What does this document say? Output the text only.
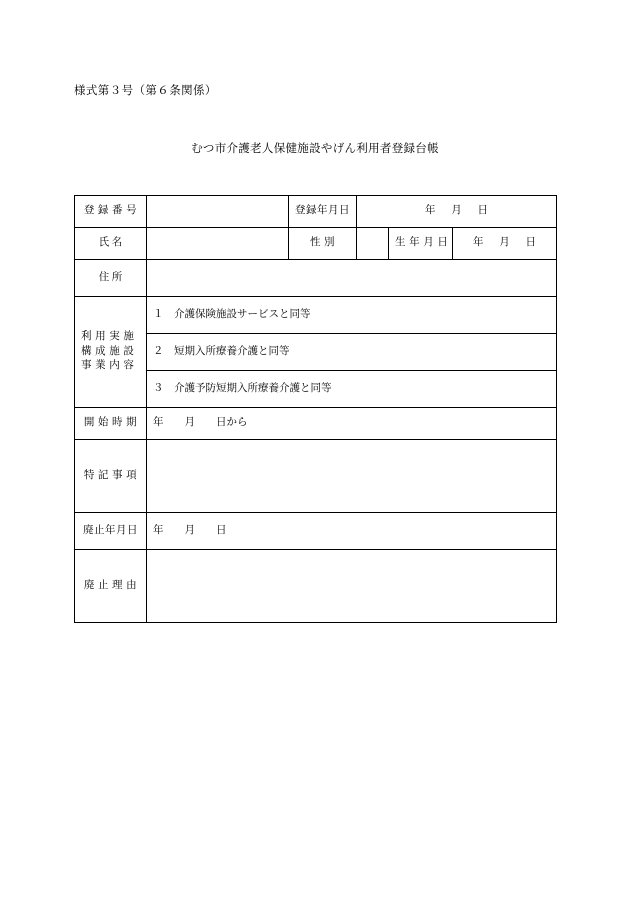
様式第３号（第６条関係）
むつ市介護老人保健施設やげん利用者登録台帳
登 録 番 号		登録年月日	年      月      日		
氏 名		性 別		生 年 月 日	年      月      日
住 所					

利 用 実 施
構 成 施 設
事 業 内 容	１　介護保険施設サービスと同等				
	２　短期入所療養介護と同等				
	３　介護予防短期入所療養介護と同等				
開 始 時 期	年        月        日から				
特 記 事 項					
廃止年月日	年        月        日				
廃 止 理 由					
